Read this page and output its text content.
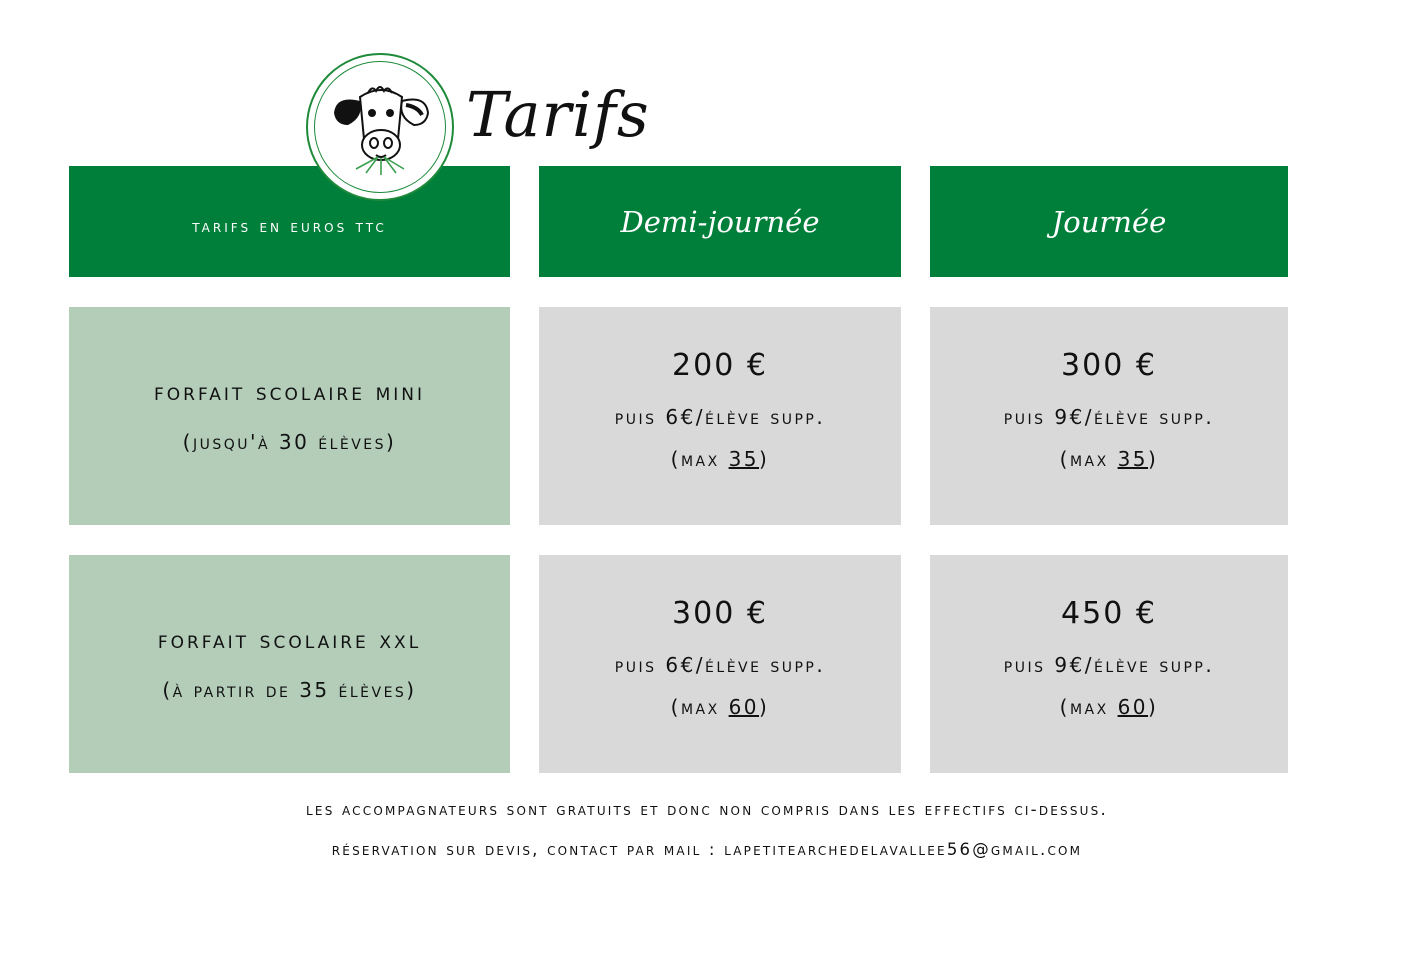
Tarifs
tarifs en euros ttc	Demi-journée	Journée
forfait scolaire mini
(jusqu'à 30 élèves)
200 €
puis 6€/élève supp.
(max 35)
300 €
puis 9€/élève supp.
(max 35)
forfait scolaire xxl
(à partir de 35 élèves)
300 €
puis 6€/élève supp.
(max 60)
450 €
puis 9€/élève supp.
(max 60)
les accompagnateurs sont gratuits et donc non compris dans les effectifs ci-dessus.
réservation sur devis, contact par mail : lapetitearchedelavallee56@gmail.com
